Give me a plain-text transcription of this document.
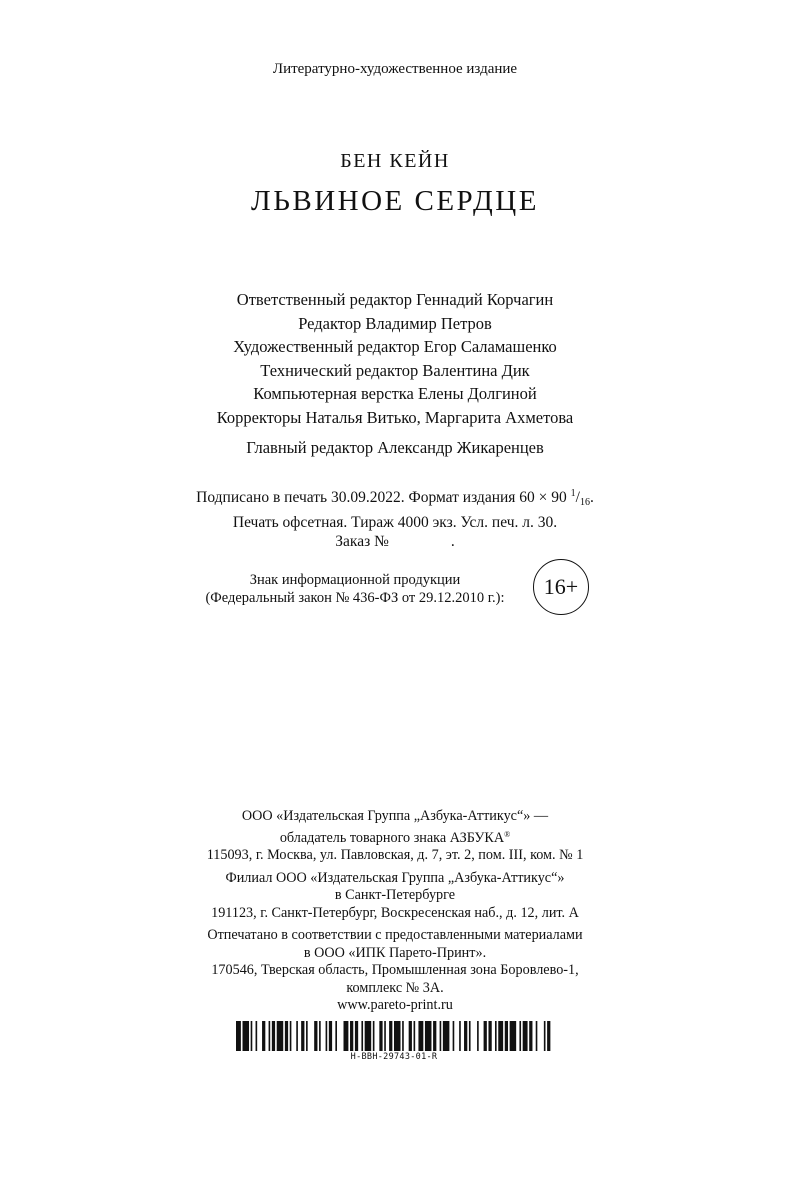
Литературно-художественное издание
БЕН КЕЙН
ЛЬВИНОЕ СЕРДЦЕ
Ответственный редактор Геннадий Корчагин
Редактор Владимир Петров
Художественный редактор Егор Саламашенко
Технический редактор Валентина Дик
Компьютерная верстка Елены Долгиной
Корректоры Наталья Витько, Маргарита Ахметова
Главный редактор Александр Жикаренцев
Подписано в печать 30.09.2022. Формат издания 60 × 90 $^1$/16.
Печать офсетная. Тираж 4000 экз. Усл. печ. л. 30.
Заказ №	.
Знак информационной продукции
(Федеральный закон № 436-ФЗ от 29.12.2010 г.):	16+
ООО «Издательская Группа „Азбука-Аттикус“» —
обладатель товарного знака АЗБУКА®
115093, г. Москва, ул. Павловская, д. 7, эт. 2, пом. III, ком. № 1
Филиал ООО «Издательская Группа „Азбука-Аттикус“»
в Санкт-Петербурге
191123, г. Санкт-Петербург, Воскресенская наб., д. 12, лит. А
Отпечатано в соответствии с предоставленными материалами
в ООО «ИПК Парето-Принт».
170546, Тверская область, Промышленная зона Боровлево-1,
комплекс № 3А.
www.pareto-print.ru
H-BBH-29743-01-R
